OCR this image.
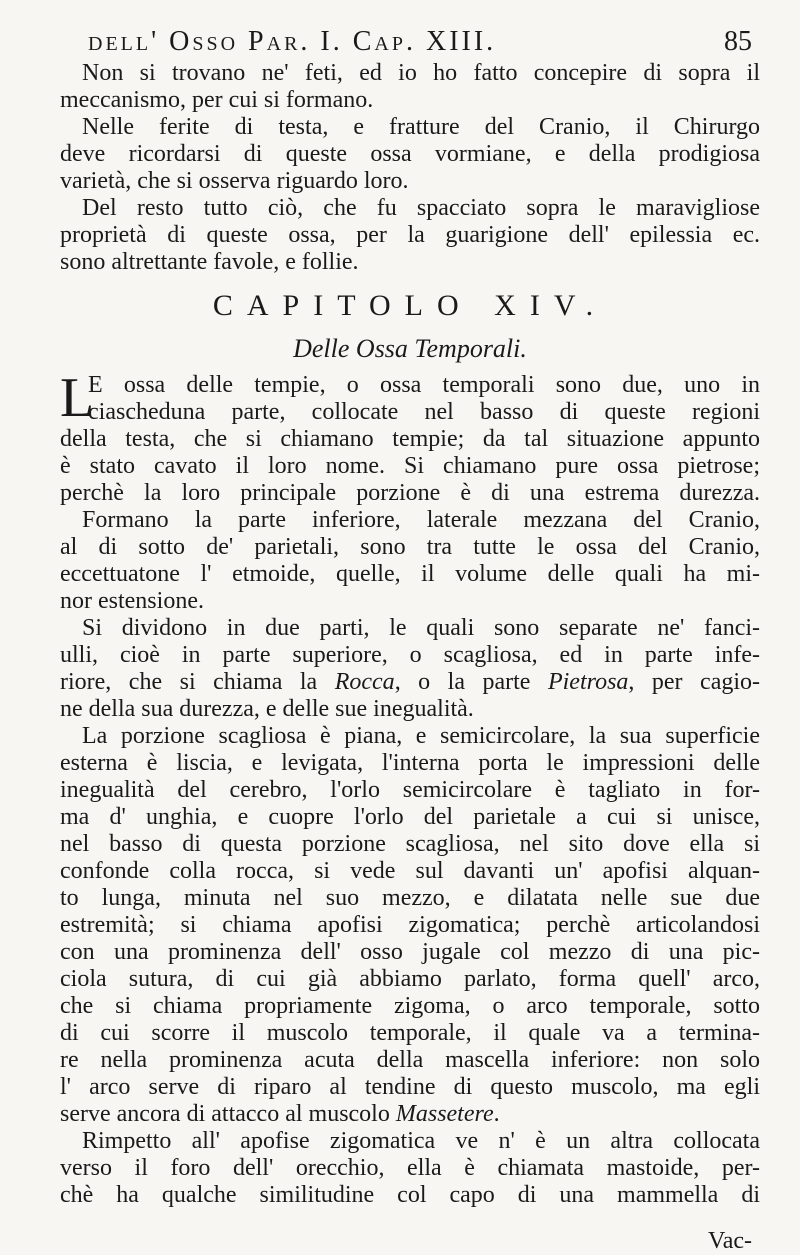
dell' Osso Par. I. Cap. XIII.	85
Non si trovano ne' feti, ed io ho fatto concepire di sopra il
meccanismo, per cui si formano.
Nelle ferite di testa, e fratture del Cranio, il Chirurgo
deve ricordarsi di queste ossa vormiane, e della prodigiosa
varietà, che si osserva riguardo loro.
Del resto tutto ciò, che fu spacciato sopra le maravigliose
proprietà di queste ossa, per la guarigione dell' epilessia ec.
sono altrettante favole, e follie.
CAPITOLO XIV.
Delle Ossa Temporali.
L
E ossa delle tempie, o ossa temporali sono due, uno in
ciaschedunа parte, collocate nel basso di queste regioni
della testa, che si chiamano tempie; da tal situazione appunto
è stato cavato il loro nome. Si chiamano pure ossa pietrose;
perchè la loro principale porzione è di una estrema durezza.
Formano la parte inferiore, laterale mezzana del Cranio,
al di sotto de' parietali, sono tra tutte le ossa del Cranio,
eccettuatone l' etmoide, quelle, il volume delle quali ha mi-
nor estensione.
Si dividono in due parti, le quali sono separate ne' fanci-
ulli, cioè in parte superiore, o scagliosa, ed in parte infe-
riore, che si chiama la Rocca, o la parte Pietrosa, per cagio-
ne della sua durezza, e delle sue inegualità.
La porzione scagliosa è piana, e semicircolare, la sua superficie
esterna è liscia, e levigata, l'interna porta le impressioni delle
inegualità del cerebro, l'orlo semicircolare è tagliato in for-
ma d' unghia, e cuopre l'orlo del parietale a cui si unisce,
nel basso di questa porzione scagliosa, nel sito dove ella si
confonde colla rocca, si vede sul davanti un' apofisi alquan-
to lunga, minuta nel suo mezzo, e dilatata nelle sue due
estremità; si chiama apofisi zigomatica; perchè articolandosi
con una prominenza dell' osso jugale col mezzo di una pic-
ciola sutura, di cui già abbiamo parlato, forma quell' arco,
che si chiama propriamente zigoma, o arco temporale, sotto
di cui scorre il muscolo temporale, il quale va a terminа-
re nella prominenza acuta della mascella inferiore: non solo
l' arco serve di riparo al tendine di questo muscolo, ma egli
serve ancora di attacco al muscolo Massetere.
Rimpetto all' apofise zigomatica ve n' è un altra collocata
verso il foro dell' orecchio, ella è chiamata mastoide, per-
chè ha qualche similitudine col capo di una mammella di
Vac-
